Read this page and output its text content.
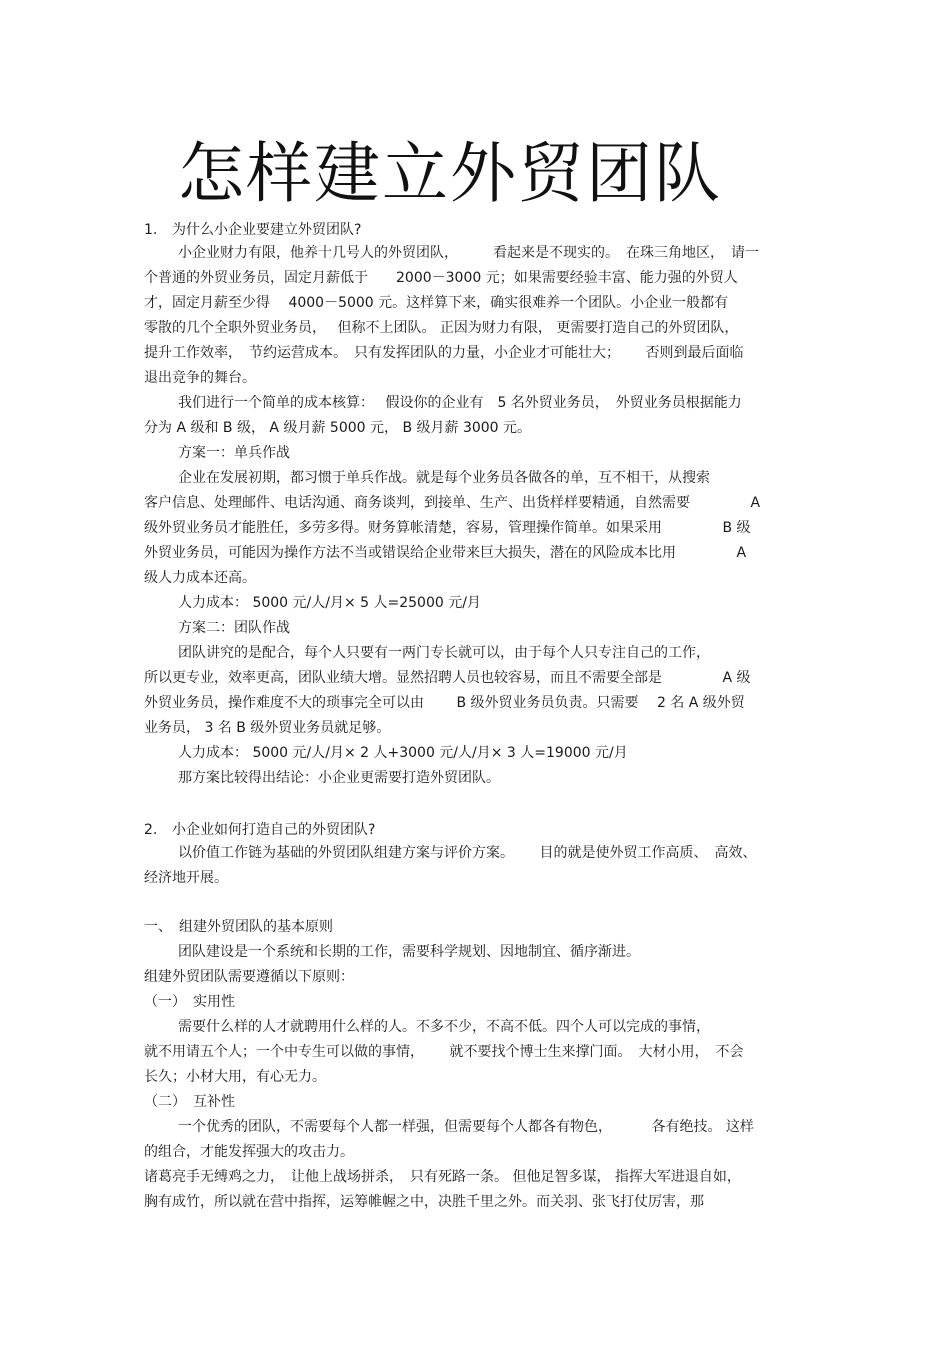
怎样建立外贸团队
1. 为什么小企业要建立外贸团队?
小企业财力有限，他养十几号人的外贸团队，　　　看起来是不现实的。　在珠三角地区，　请一
个普通的外贸业务员，固定月薪低于　　2000－3000 元；如果需要经验丰富、能力强的外贸人
才，固定月薪至少得　 4000－5000 元。这样算下来，确实很难养一个团队。小企业一般都有
零散的几个全职外贸业务员，　 但称不上团队。 正因为财力有限， 更需要打造自己的外贸团队，
提升工作效率，　节约运营成本。　只有发挥团队的力量，小企业才可能壮大；　　 否则到最后面临
退出竞争的舞台。
我们进行一个简单的成本核算：　 假设你的企业有　5 名外贸业务员，　外贸业务员根据能力
分为 A 级和 B 级， A 级月薪 5000 元， B 级月薪 3000 元。
方案一：单兵作战
企业在发展初期，都习惯于单兵作战。就是每个业务员各做各的单，互不相干，从搜索
客户信息、处理邮件、电话沟通、商务谈判，到接单、生产、出货样样要精通，自然需要　　　　 A
级外贸业务员才能胜任，多劳多得。财务算帐清楚，容易，管理操作简单。如果采用　　　　 B 级
外贸业务员，可能因为操作方法不当或错误给企业带来巨大损失，潜在的风险成本比用　　　　 A
级人力成本还高。
人力成本： 5000 元/人/月× 5 人=25000 元/月
方案二：团队作战
团队讲究的是配合，每个人只要有一两门专长就可以，由于每个人只专注自己的工作，
所以更专业，效率更高，团队业绩大增。显然招聘人员也较容易，而且不需要全部是　　　　 A 级
外贸业务员，操作难度不大的琐事完全可以由　　 B 级外贸业务员负责。只需要　 2 名 A 级外贸
业务员， 3 名 B 级外贸业务员就足够。
人力成本： 5000 元/人/月× 2 人+3000 元/人/月× 3 人=19000 元/月
那方案比较得出结论：小企业更需要打造外贸团队。
2. 小企业如何打造自己的外贸团队?
以价值工作链为基础的外贸团队组建方案与评价方案。　　 目的就是使外贸工作高质、　高效、
经济地开展。
一、　组建外贸团队的基本原则
团队建设是一个系统和长期的工作，需要科学规划、因地制宜、循序渐进。
组建外贸团队需要遵循以下原则：
（一）　实用性
需要什么样的人才就聘用什么样的人。不多不少，不高不低。四个人可以完成的事情，
就不用请五个人；一个中专生可以做的事情，　　 就不要找个博士生来撑门面。　大材小用，　不会
长久；小材大用，有心无力。
（二）　互补性
一个优秀的团队，不需要每个人都一样强，但需要每个人都各有物色，　　　 各有绝技。 这样
的组合，才能发挥强大的攻击力。
诸葛亮手无缚鸡之力，　让他上战场拼杀，　只有死路一条。 但他足智多谋， 指挥大军进退自如，
胸有成竹，所以就在营中指挥，运筹帷幄之中，决胜千里之外。而关羽、张飞打仗厉害，那
